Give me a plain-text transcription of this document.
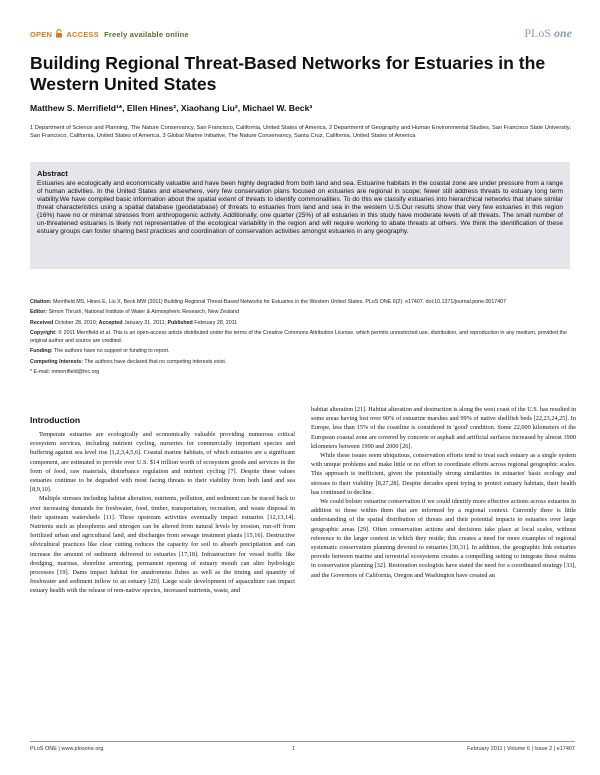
OPEN ACCESS Freely available online	PLoS one
Building Regional Threat-Based Networks for Estuaries in the Western United States
Matthew S. Merrifield¹*, Ellen Hines², Xiaohang Liu², Michael W. Beck³
1 Department of Science and Planning, The Nature Conservancy, San Francisco, California, United States of America, 2 Department of Geography and Human Environmental Studies, San Francisco State University, San Francisco, California, United States of America, 3 Global Marine Initiative, The Nature Conservancy, Santa Cruz, California, United States of America
Abstract
Estuaries are ecologically and economically valuable and have been highly degraded from both land and sea. Estuarine habitats in the coastal zone are under pressure from a range of human activities. In the United States and elsewhere, very few conservation plans focused on estuaries are regional in scope; fewer still address threats to estuary long term viability.We have compiled basic information about the spatial extent of threats to identify commonalities. To do this we classify estuaries into hierarchical networks that share similar threat characteristics using a spatial database (geodatabase) of threats to estuaries from land and sea in the western U.S.Our results show that very few estuaries in this region (16%) have no or minimal stresses from anthropogenic activity. Additionally, one quarter (25%) of all estuaries in this study have moderate levels of all threats. The small number of un-threatened estuaries is likely not representative of the ecological variability in the region and will require working to abate threats at others. We think the identification of these estuary groups can foster sharing best practices and coordination of conservation activities amongst estuaries in any geography.

Citation: Merrifield MS, Hines E, Liu X, Beck MW (2011) Building Regional Threat-Based Networks for Estuaries in the Western United States. PLoS ONE 6(2): e17407. doi:10.1371/journal.pone.0017407

Editor: Simon Thrush, National Institute of Water & Atmospheric Research, New Zealand

Received October 28, 2010; Accepted January 31, 2011; Published February 28, 2011

Copyright: © 2011 Merrifield et al. This is an open-access article distributed under the terms of the Creative Commons Attribution License, which permits unrestricted use, distribution, and reproduction in any medium, provided the original author and source are credited.

Funding: The authors have no support or funding to report.

Competing Interests: The authors have declared that no competing interests exist.

* E-mail: mmerrifield@tnc.org

Introduction

Temperate estuaries are ecologically and economically valuable providing numerous critical ecosystem services, including nutrient cycling, nurseries for commercially important species and buffering against sea level rise [1,2,3,4,5,6]. Coastal marine habitats, of which estuaries are a significant component, are estimated to provide over U.S. $14 trillion worth of ecosystem goods and services in the form of food, raw materials, disturbance regulation and nutrient cycling [7]. Despite these values estuaries continue to be degraded with most facing threats to their viability from both land and sea [8,9,10].

Multiple stresses including habitat alteration, nutrients, pollution, and sediment can be traced back to ever increasing demands for freshwater, food, timber, transportation, recreation, and waste disposal in their upstream watersheds [11]. These upstream activities eventually impact estuaries [12,13,14]. Nutrients such as phosphorus and nitrogen can be altered from natural levels by erosion, run-off from fertilized urban and agricultural land, and discharges from sewage treatment plants [15,16]. Destructive silvicultural practices like clear cutting reduces the capacity for soil to absorb precipitation and can increase the amount of sediment delivered to estuaries [17,18]. Infrastructure for vessel traffic like dredging, marinas, shoreline armoring, permanent opening of estuary mouth can alter hydrologic processes [19]. Dams impact habitat for anadromous fishes as well as the timing and quantity of freshwater and sediment inflow to an estuary [20]. Large scale development of aquaculture can impact estuary health with the release of non-native species, increased nutrients, waste, and

habitat alteration [21]. Habitat alteration and destruction is along the west coast of the U.S. has resulted in some areas having lost over 90% of estuarine marshes and 99% of native shellfish beds [22,23,24,25]. In Europe, less than 15% of the coastline is considered in 'good' condition. Some 22,000 kilometers of the European coastal zone are covered by concrete or asphalt and artificial surfaces increased by almost 1900 kilometers between 1990 and 2000 [26].

While these issues seem ubiquitous, conservation efforts tend to treat each estuary as a single system with unique problems and make little or no effort to coordinate efforts across regional geographic scales. This approach is inefficient, given the potentially strong similarities in estuaries' basic ecology and stresses to their viability [8,27,28]. Despite decades spent trying to protect estuary habitats, their health has continued to decline.

We could bolster estuarine conservation if we could identify more effective actions across estuaries in addition to those within them that are informed by a regional context. Currently there is little understanding of the spatial distribution of threats and their potential impacts to estuaries over large geographic areas [29]. Often conservation actions and decisions take place at local scales, without reference to the larger context in which they reside; this creates a need for more examples of regional systematic conservation planning devoted to estuaries [30,31]. In addition, the geographic link estuaries provide between marine and terrestrial ecosystems creates a compelling setting to integrate these realms in conservation planning [32]. Restoration ecologists have stated the need for a coordinated strategy [33], and the Governors of California, Oregon and Washington have created an

PLoS ONE | www.plosone.org	1	February 2011 | Volume 6 | Issue 2 | e17407
